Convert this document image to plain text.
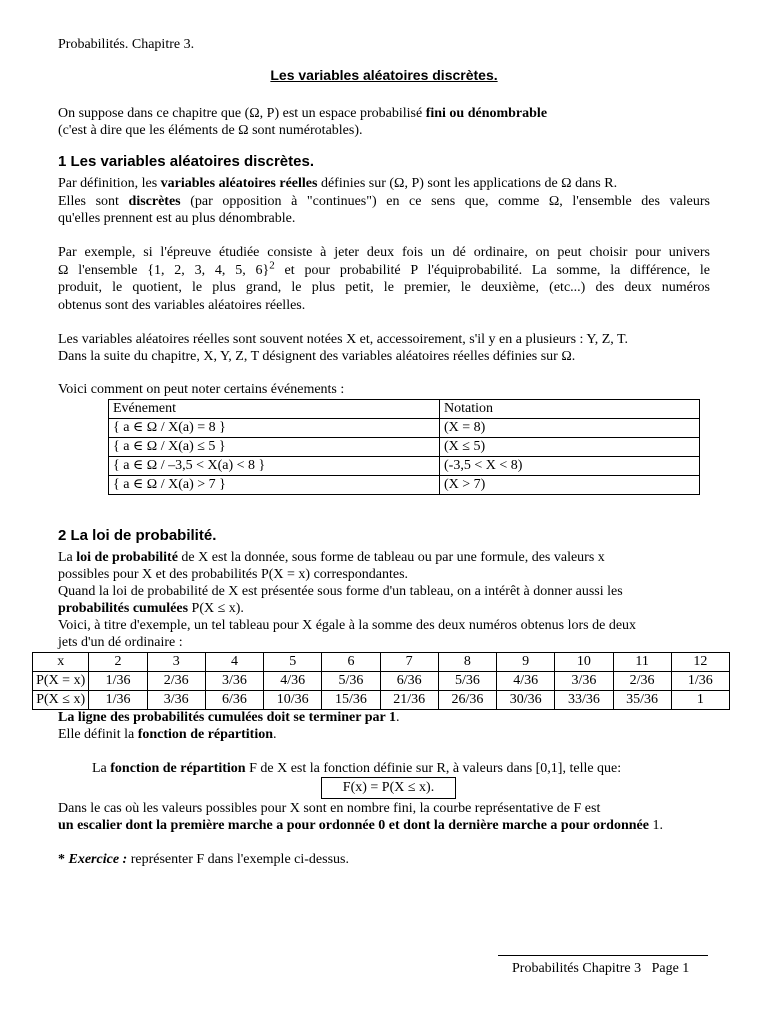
Probabilités. Chapitre 3.
Les variables aléatoires discrètes.
On suppose dans ce chapitre que (Ω, P) est un espace probabilisé fini ou dénombrable
(c'est à dire que les éléments de Ω sont numérotables).
1 Les variables aléatoires discrètes.
Par définition, les variables aléatoires réelles définies sur (Ω, P) sont les applications de Ω dans R.
Elles sont discrètes (par opposition à "continues") en ce sens que, comme Ω, l'ensemble des valeurs
qu'elles prennent est au plus dénombrable.
Par exemple, si l'épreuve étudiée consiste à jeter deux fois un dé ordinaire, on peut choisir pour univers
Ω l'ensemble {1, 2, 3, 4, 5, 6}$^2$ et pour probabilité P l'équiprobabilité. La somme, la différence, le
produit, le quotient, le plus grand, le plus petit, le premier, le deuxième, (etc...) des deux numéros
obtenus sont des variables aléatoires réelles.
Les variables aléatoires réelles sont souvent notées X et, accessoirement, s'il y en a plusieurs : Y, Z, T.
Dans la suite du chapitre, X, Y, Z, T désignent des variables aléatoires réelles définies sur Ω.
Voici comment on peut noter certains événements :
Evénement	Notation
{ a ∈ Ω / X(a) = 8 }	(X = 8)
{ a ∈ Ω / X(a) ≤ 5 }	(X ≤ 5)
{ a ∈ Ω / –3,5 < X(a) < 8 }	(-3,5 < X < 8)
{ a ∈ Ω / X(a) > 7 }	(X > 7)
2 La loi de probabilité.
La loi de probabilité de X est la donnée, sous forme de tableau ou par une formule, des valeurs x
possibles pour X et des probabilités P(X = x) correspondantes.
Quand la loi de probabilité de X est présentée sous forme d'un tableau, on a intérêt à donner aussi les
probabilités cumulées P(X ≤ x).
Voici, à titre d'exemple, un tel tableau pour X égale à la somme des deux numéros obtenus lors de deux
jets d'un dé ordinaire :
x	2	3	4	5	6	7	8	9	10	11	12
P(X = x)	1/36	2/36	3/36	4/36	5/36	6/36	5/36	4/36	3/36	2/36	1/36
P(X ≤ x)	1/36	3/36	6/36	10/36	15/36	21/36	26/36	30/36	33/36	35/36	1
La ligne des probabilités cumulées doit se terminer par 1.
Elle définit la fonction de répartition.
La fonction de répartition F de X est la fonction définie sur R, à valeurs dans [0,1], telle que:
F(x) = P(X ≤ x).
Dans le cas où les valeurs possibles pour X sont en nombre fini, la courbe représentative de F est
un escalier dont la première marche a pour ordonnée 0 et dont la dernière marche a pour ordonnée 1.
* Exercice : représenter F dans l'exemple ci-dessus.
Probabilités Chapitre 3   Page 1
